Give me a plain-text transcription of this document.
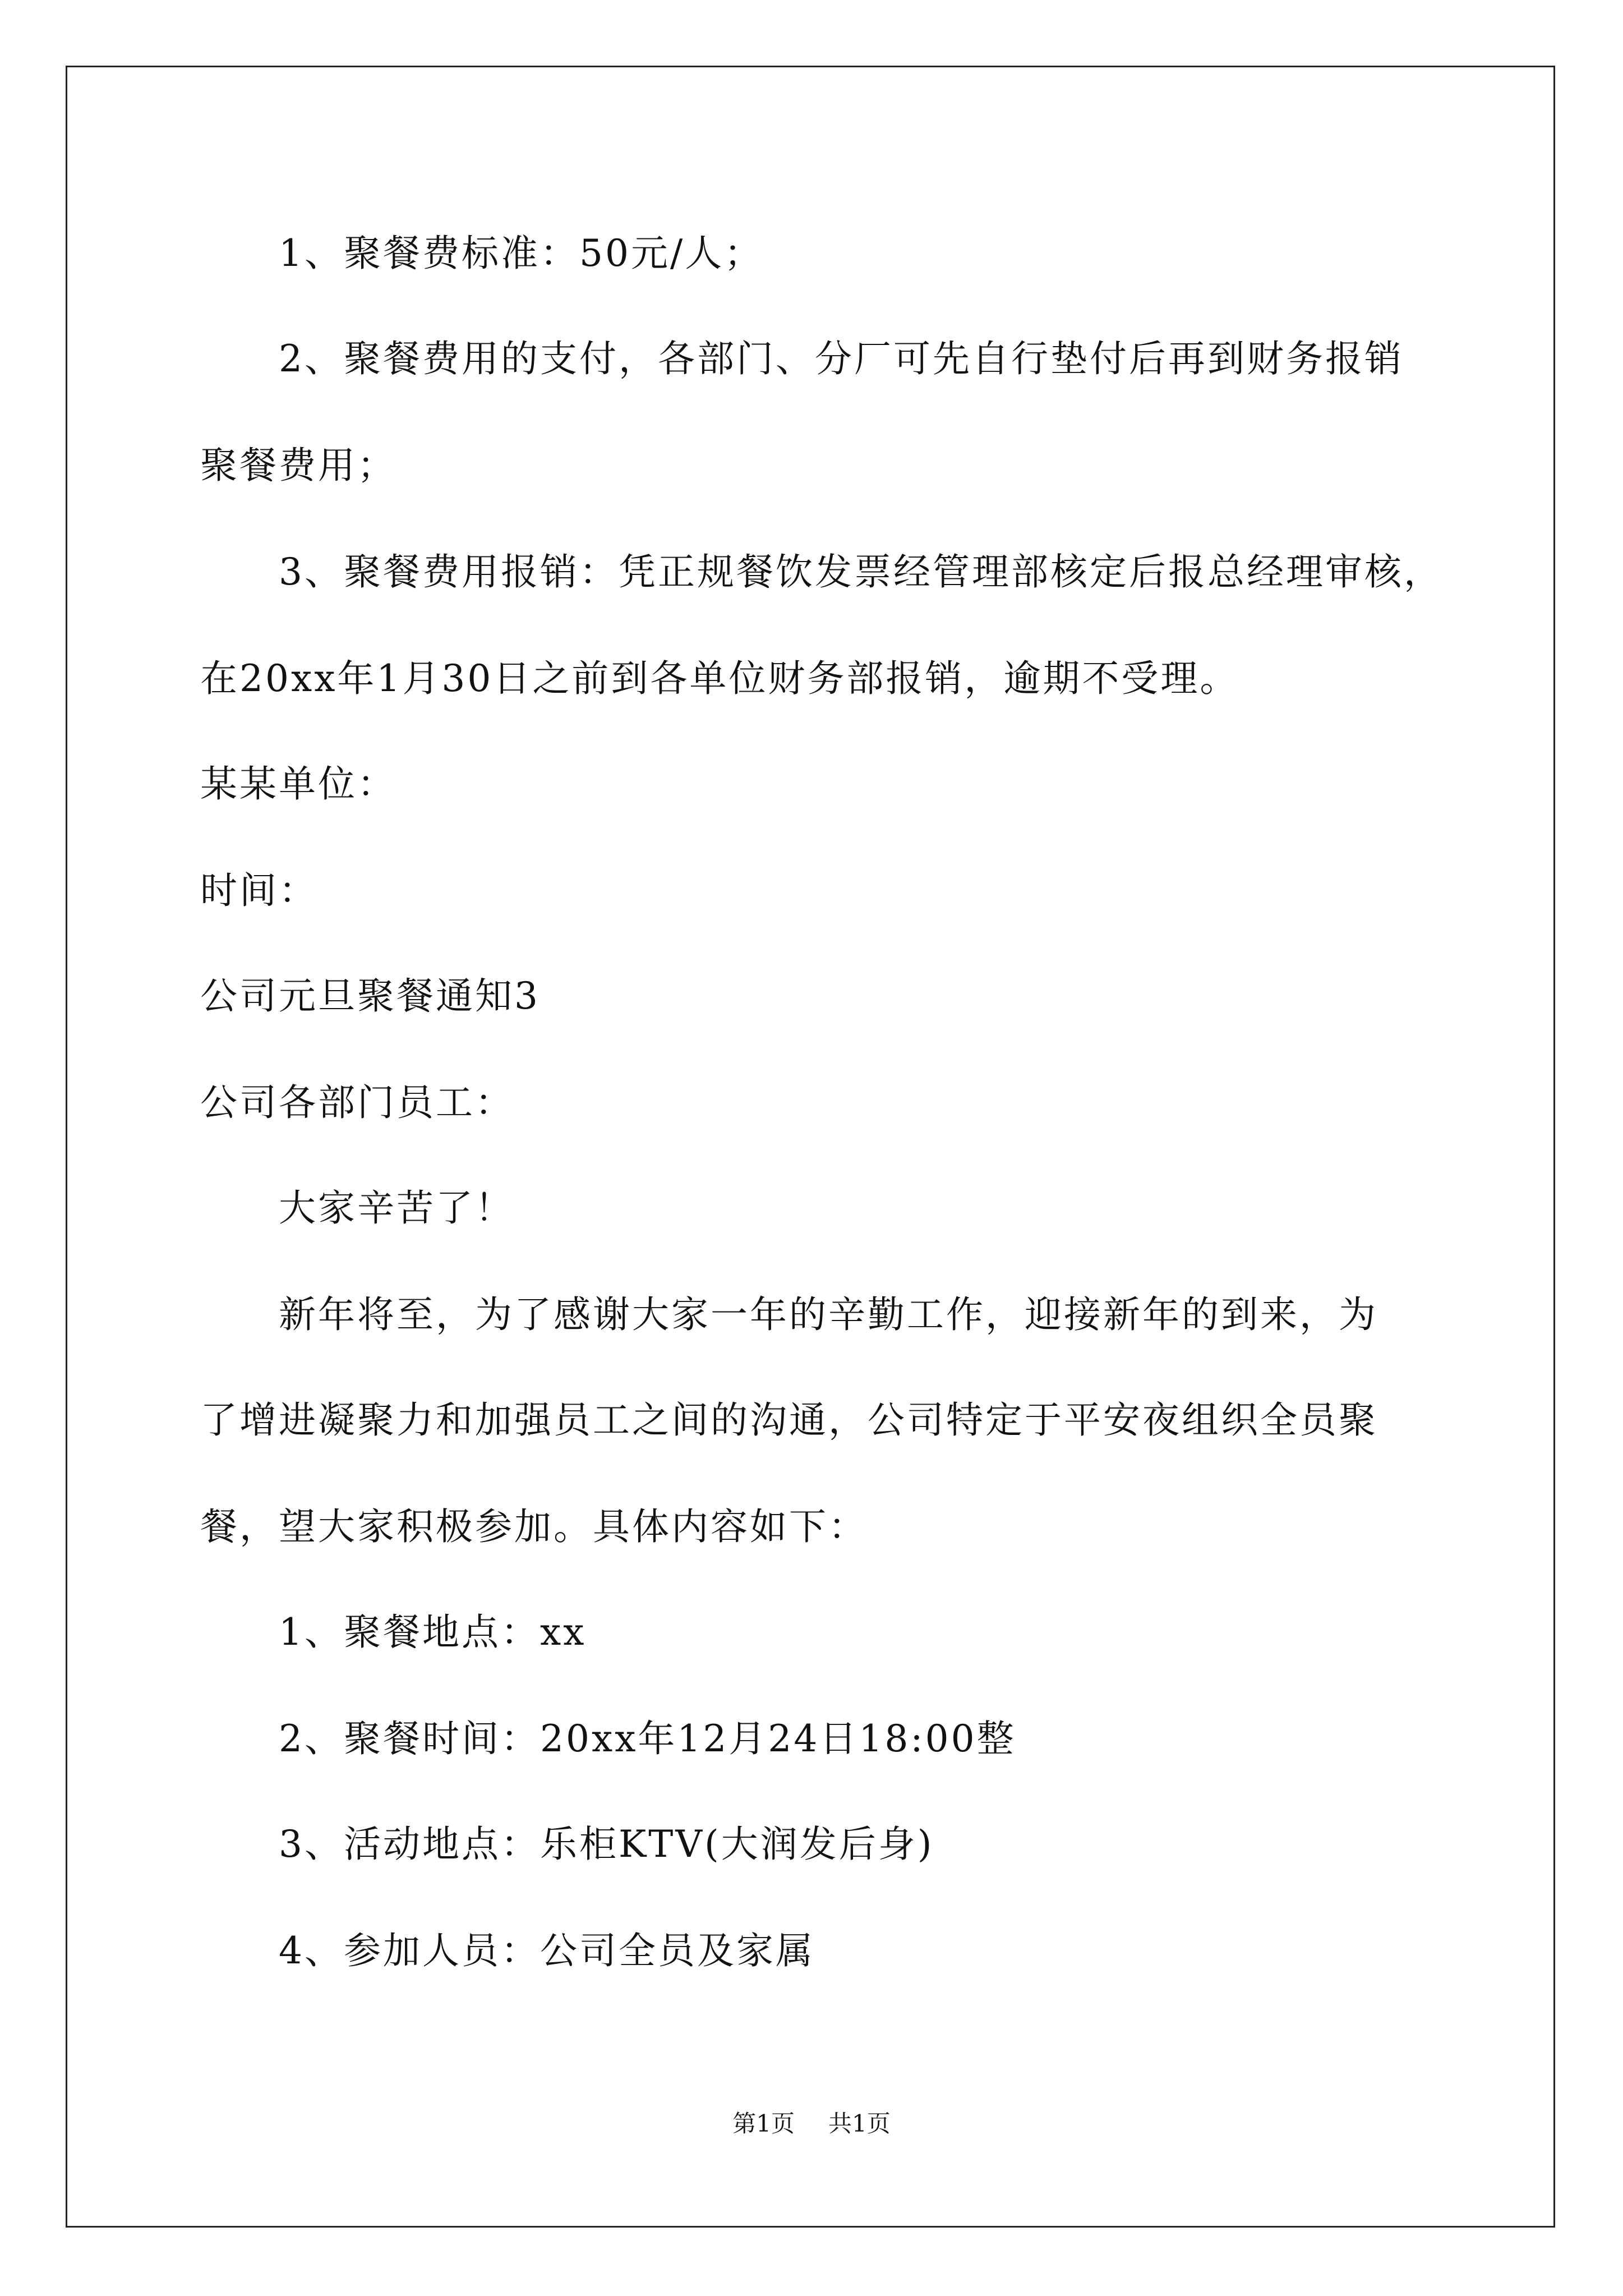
1、聚餐费标准：50元/人；
2、聚餐费用的支付，各部门、分厂可先自行垫付后再到财务报销
聚餐费用；
3、聚餐费用报销：凭正规餐饮发票经管理部核定后报总经理审核，
在20xx年1月30日之前到各单位财务部报销，逾期不受理。
某某单位：
时间：
公司元旦聚餐通知3
公司各部门员工：
大家辛苦了！
新年将至，为了感谢大家一年的辛勤工作，迎接新年的到来，为
了增进凝聚力和加强员工之间的沟通，公司特定于平安夜组织全员聚
餐，望大家积极参加。具体内容如下：
1、聚餐地点：xx
2、聚餐时间：20xx年12月24日18:00整
3、活动地点：乐柜KTV(大润发后身)
4、参加人员：公司全员及家属
第1页 共1页
